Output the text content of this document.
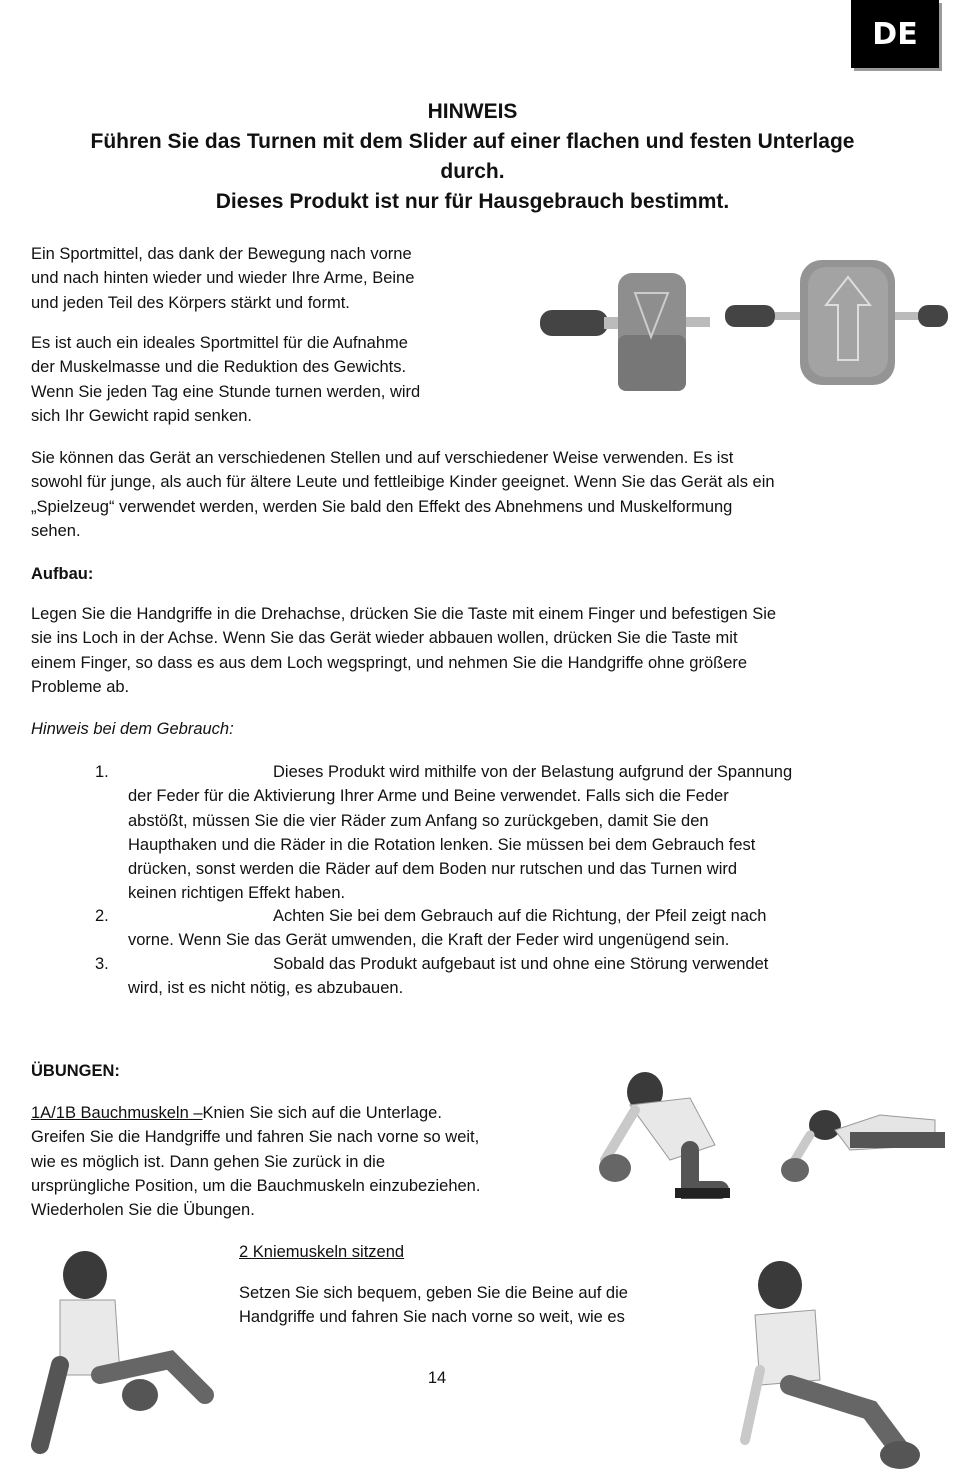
DE
HINWEIS
Führen Sie das Turnen mit dem Slider auf einer flachen und festen Unterlage
durch.
Dieses Produkt ist nur für Hausgebrauch bestimmt.
Ein Sportmittel, das dank der Bewegung nach vorne
und nach hinten wieder und wieder Ihre Arme, Beine
und jeden Teil des Körpers stärkt und formt.
Es ist auch ein ideales Sportmittel für die Aufnahme
der Muskelmasse und die Reduktion des Gewichts.
Wenn Sie jeden Tag eine Stunde turnen werden, wird
sich Ihr Gewicht rapid senken.
Sie können das Gerät an verschiedenen Stellen und auf verschiedener Weise verwenden. Es ist
sowohl für junge, als auch für ältere Leute und fettleibige Kinder geeignet. Wenn Sie das Gerät als ein
„Spielzeug“ verwendet werden, werden Sie bald den Effekt des Abnehmens und Muskelformung
sehen.
Aufbau:
Legen Sie die Handgriffe in die Drehachse, drücken Sie die Taste mit einem Finger und befestigen Sie
sie ins Loch in der Achse. Wenn Sie das Gerät wieder abbauen wollen, drücken Sie die Taste mit
einem Finger, so dass es aus dem Loch wegspringt, und nehmen Sie die Handgriffe ohne größere
Probleme ab.
Hinweis bei dem Gebrauch:
1.	Dieses Produkt wird mithilfe von der Belastung aufgrund der Spannung
der Feder für die Aktivierung Ihrer Arme und Beine verwendet. Falls sich die Feder
abstößt, müssen Sie die vier Räder zum Anfang so zurückgeben, damit Sie den
Haupthaken und die Räder in die Rotation lenken. Sie müssen bei dem Gebrauch fest
drücken, sonst werden die Räder auf dem Boden nur rutschen und das Turnen wird
keinen richtigen Effekt haben.
2.	Achten Sie bei dem Gebrauch auf die Richtung, der Pfeil zeigt nach
vorne. Wenn Sie das Gerät umwenden, die Kraft der Feder wird ungenügend sein.
3.	Sobald das Produkt aufgebaut ist und ohne eine Störung verwendet
wird, ist es nicht nötig, es abzubauen.
ÜBUNGEN:
1A/1B Bauchmuskeln –Knien Sie sich auf die Unterlage.
Greifen Sie die Handgriffe und fahren Sie nach vorne so weit,
wie es möglich ist. Dann gehen Sie zurück in die
ursprüngliche Position, um die Bauchmuskeln einzubeziehen.
Wiederholen Sie die Übungen.
2 Kniemuskeln sitzend
Setzen Sie sich bequem, geben Sie die Beine auf die
Handgriffe und fahren Sie nach vorne so weit, wie es
14
